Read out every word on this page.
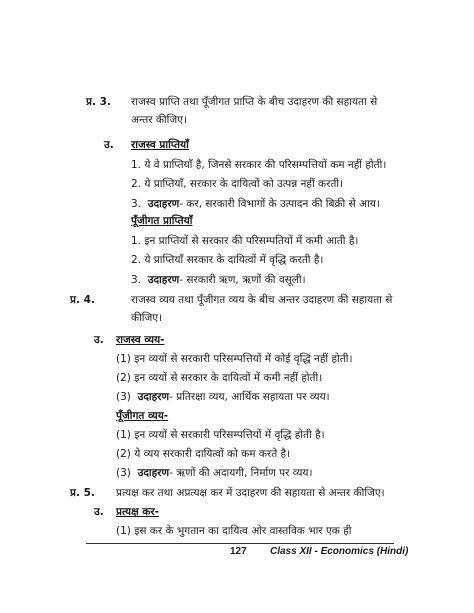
प्र. 3. राजस्व प्राप्ति तथा पूँजीगत प्राप्ति के बीच उदाहरण की सहायता से
अन्तर कीजिए।
उ. राजस्व प्राप्तियाँ
1. ये वे प्राप्तियाँ है, जिनसे सरकार की परिसम्पत्तियों कम नहीं होती।
2. ये प्राप्तियाँ, सरकार के दायित्वों को उत्पन्न नहीं करती।
3. उदाहरण- कर, सरकारी विभागों के उत्पादन की बिक्री से आय।
पूँजीगत प्राप्तियाँ
1. इन प्राप्तियों से सरकार की परिसम्पतियों में कमी आती है।
2. ये प्राप्तियाँ सरकार के दायित्वों में वृद्धि करती है।
3. उदाहरण- सरकारी ऋण, ऋणों की वसूली।
प्र. 4.	राजस्व व्यय तथा पूँजीगत व्यय के बीच अन्तर उदाहरण की सहायता से
कीजिए।
उ. राजस्व व्यय-
(1) इन व्ययों से सरकारी परिसम्पत्तियों में कोई वृद्धि नहीं होती।
(2) इन व्ययों से सरकार के दायित्वों में कमी नहीं होती।
(3) उदाहरण- प्रतिरक्षा व्यय, आर्थिक सहायता पर व्यय।
पूँजीगत व्यय-
(1) इन व्ययों से सरकारी परिसम्पत्तियों में वृद्धि होती है।
(2) ये व्यय सरकारी दायित्वों को कम करते है।
(3) उदाहरण- ऋणों की अदायगी, निर्माण पर व्यय।
प्र. 5. प्रत्यक्ष कर तथा अप्रत्यक्ष कर में उदाहरण की सहायता से अन्तर कीजिए।
उ. प्रत्यक्ष कर-
(1) इस कर के भुगतान का दायित्व ओर वास्तविक भार एक ही
127 Class XII - Economics (Hindi)
